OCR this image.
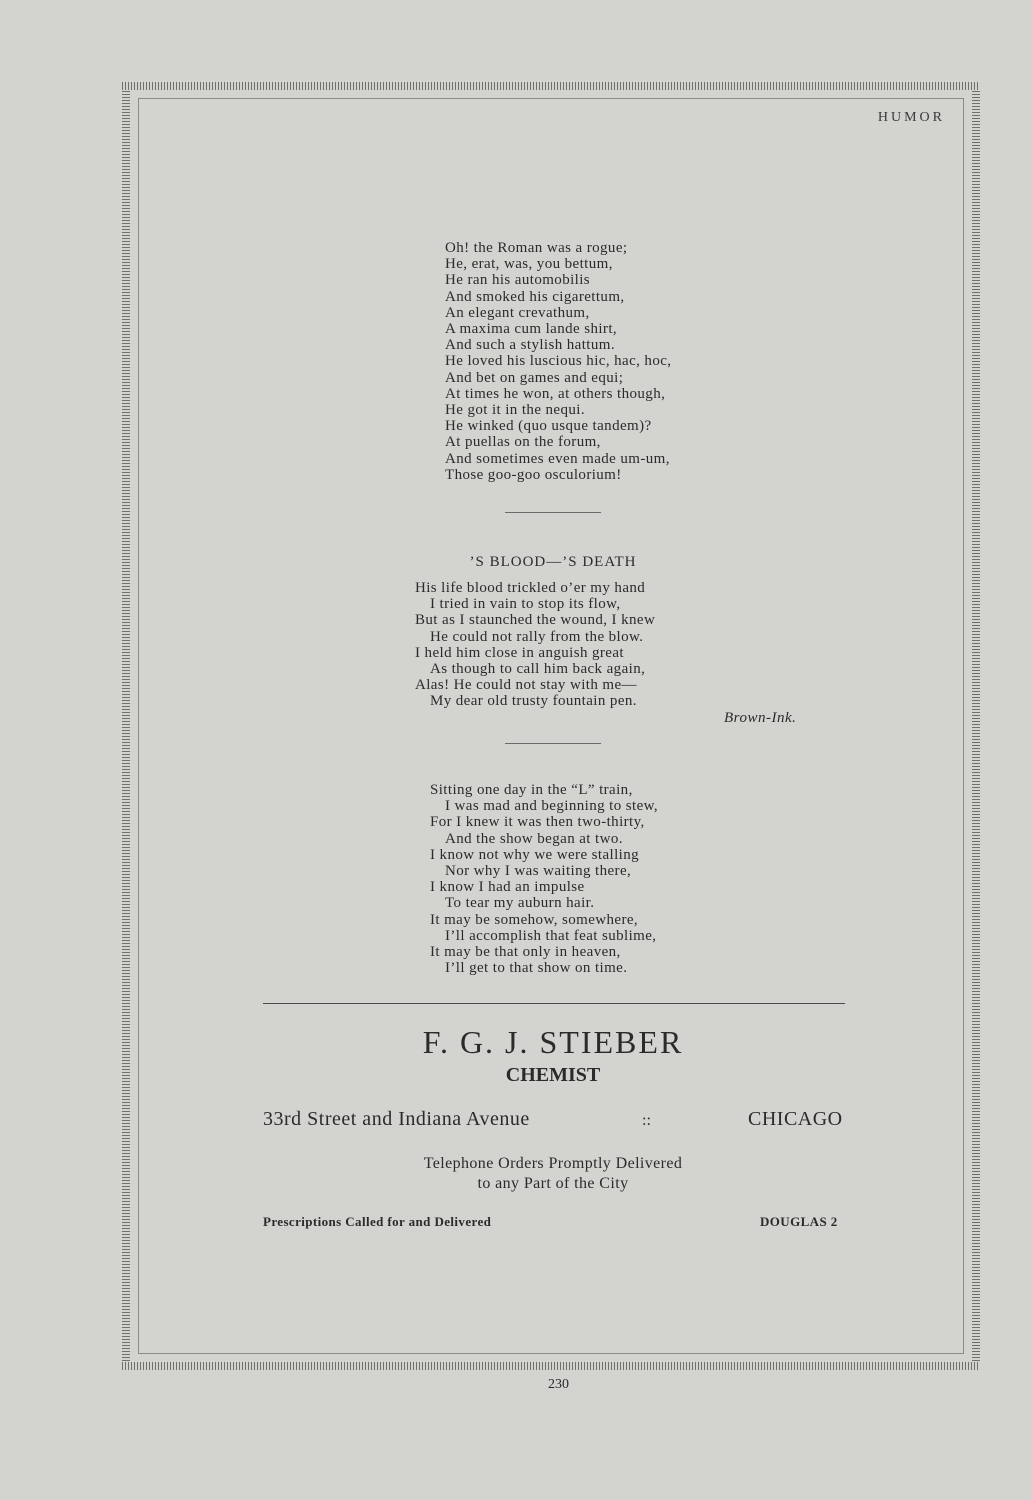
HUMOR
Oh! the Roman was a rogue;
He, erat, was, you bettum,
He ran his automobilis
And smoked his cigarettum,
An elegant crevathum,
A maxima cum lande shirt,
And such a stylish hattum.
He loved his luscious hic, hac, hoc,
And bet on games and equi;
At times he won, at others though,
He got it in the nequi.
He winked (quo usque tandem)?
At puellas on the forum,
And sometimes even made um-um,
Those goo-goo osculorium!
’S BLOOD—’S DEATH
His life blood trickled o’er my hand
I tried in vain to stop its flow,
But as I staunched the wound, I knew
He could not rally from the blow.
I held him close in anguish great
As though to call him back again,
Alas! He could not stay with me—
My dear old trusty fountain pen.
Brown-Ink.
Sitting one day in the “L” train,
I was mad and beginning to stew,
For I knew it was then two-thirty,
And the show began at two.
I know not why we were stalling
Nor why I was waiting there,
I know I had an impulse
To tear my auburn hair.
It may be somehow, somewhere,
I’ll accomplish that feat sublime,
It may be that only in heaven,
I’ll get to that show on time.
F. G. J. STIEBER
CHEMIST
33rd Street and Indiana Avenue	::	CHICAGO
Telephone Orders Promptly Delivered
to any Part of the City
Prescriptions Called for and Delivered	DOUGLAS 2
230
